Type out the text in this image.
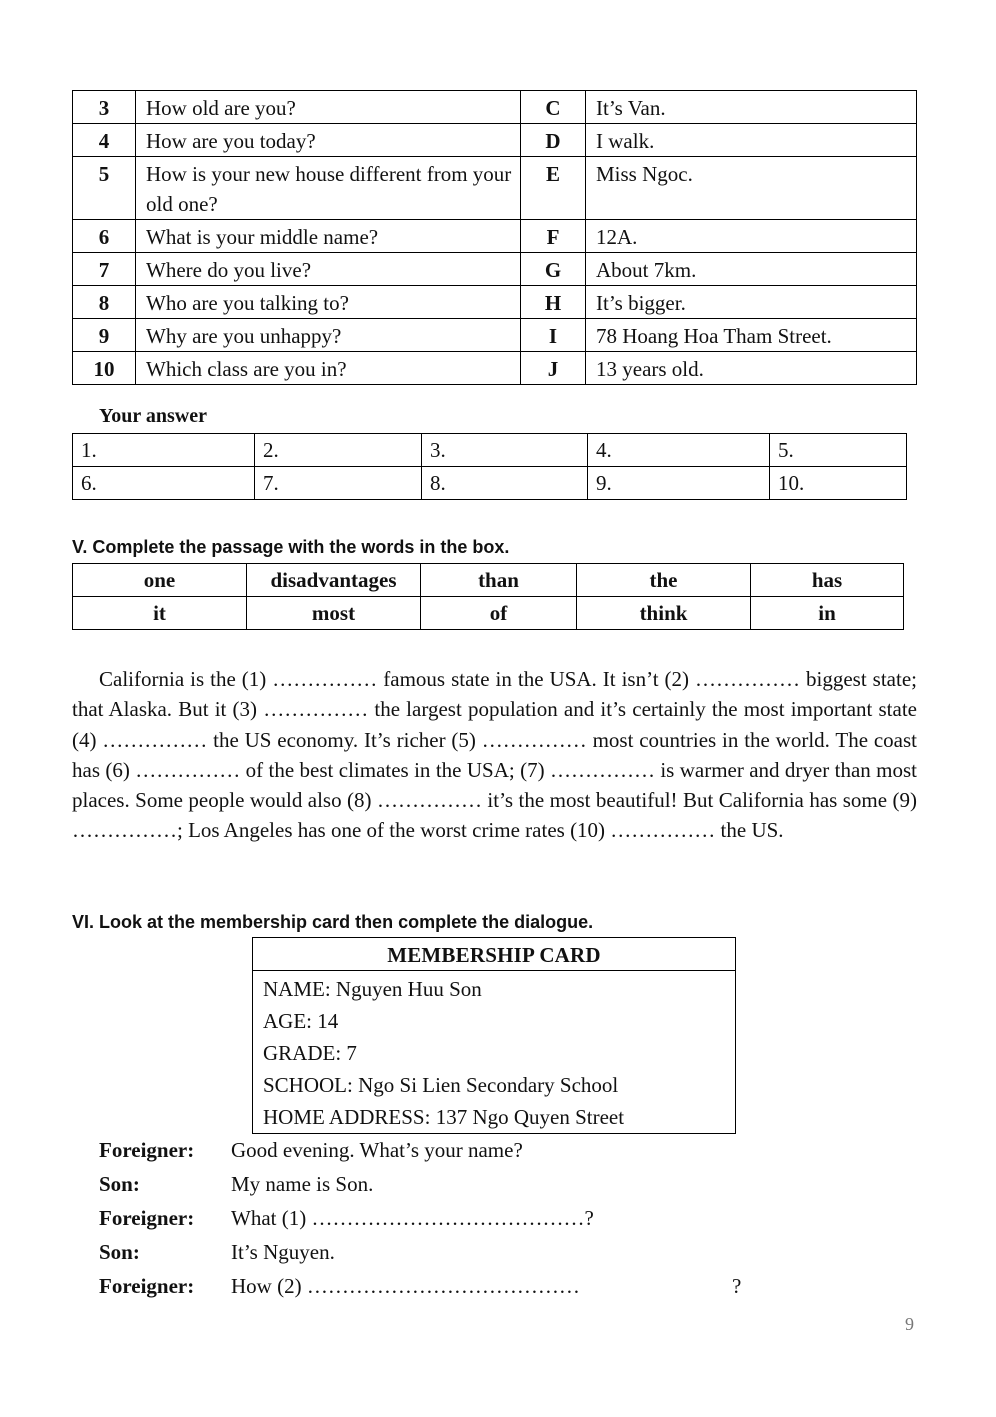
3	How old are you?	C	It’s Van.
4	How are you today?	D	I walk.
5	How is your new house different from your old one?	E	Miss Ngoc.
6	What is your middle name?	F	12A.
7	Where do you live?	G	About 7km.
8	Who are you talking to?	H	It’s bigger.
9	Why are you unhappy?	I	78 Hoang Hoa Tham Street.
10	Which class are you in?	J	13 years old.
Your answer
1.	2.	3.	4.	5.
6.	7.	8.	9.	10.
V. Complete the passage with the words in the box.
one	disadvantages	than	the	has
it	most	of	think	in

California is the (1) …………… famous state in the USA. It isn’t (2) …………… biggest state; that Alaska. But it (3) …………… the largest population and it’s certainly the most important state (4) …………… the US economy. It’s richer (5) …………… most countries in the world. The coast has (6) …………… of the best climates in the USA; (7) …………… is warmer and dryer than most places. Some people would also (8) …………… it’s the most beautiful! But California has some (9) ……………; Los Angeles has one of the worst crime rates (10) …………… the US.

VI. Look at the membership card then complete the dialogue.
MEMBERSHIP CARD
NAME: Nguyen Huu Son
AGE: 14
GRADE: 7
SCHOOL: Ngo Si Lien Secondary School
HOME ADDRESS: 137 Ngo Quyen Street
Foreigner: Good evening. What’s your name?
Son:	My name is Son.
Foreigner: What (1) …………………………………?
Son:	It’s Nguyen.
Foreigner: How (2) …………………………………	?
9
